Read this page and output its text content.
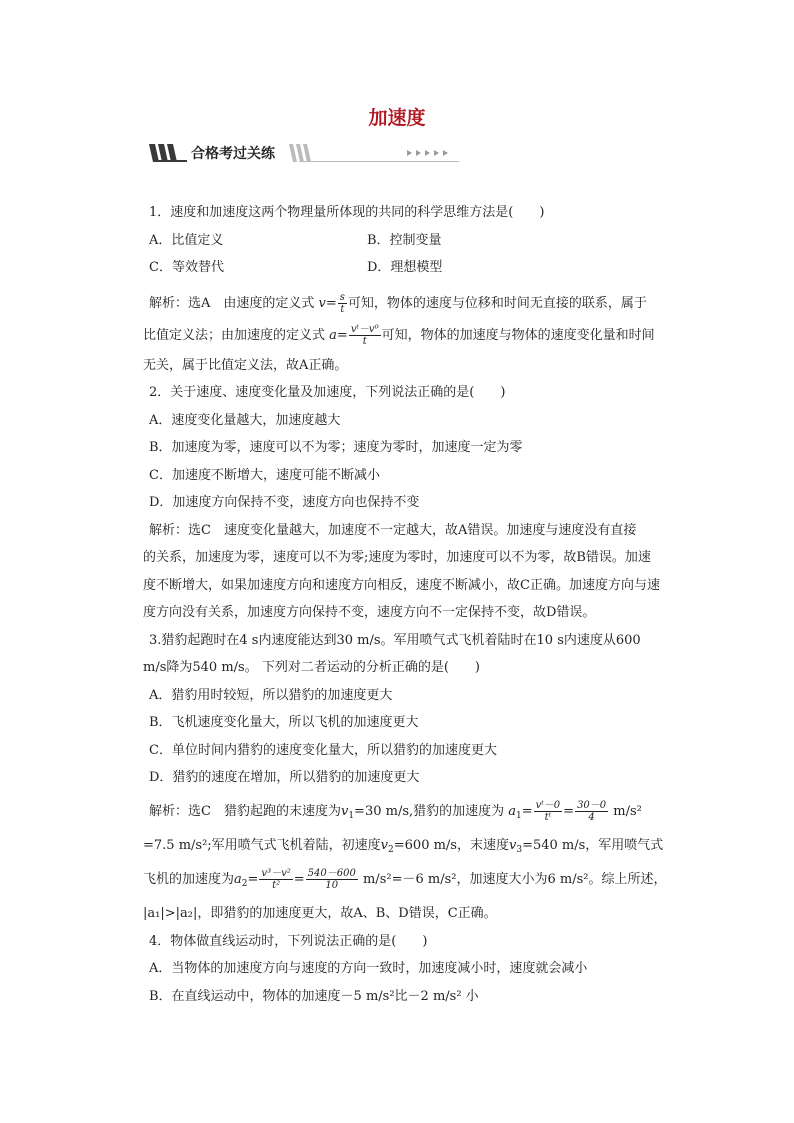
加速度
合格考过关练

1．速度和加速度这两个物理量所体现的共同的科学思维方法是(　　)

A．比值定义	B．控制变量
C．等效替代	D．理想模型

解析：选A　由速度的定义式 $v= \frac{s}{t}$ 可知，物体的速度与位移和时间无直接的联系，属于

比值定义法；由加速度的定义式 $a= \frac{\text{vᵗ－v⁰}}{t}$ 可知，物体的加速度与物体的速度变化量和时间

无关，属于比值定义法，故A正确。

2．关于速度、速度变化量及加速度，下列说法正确的是(　　)

A．速度变化量越大，加速度越大

B．加速度为零，速度可以不为零；速度为零时，加速度一定为零

C．加速度不断增大，速度可能不断减小

D．加速度方向保持不变，速度方向也保持不变

解析：选C　速度变化量越大，加速度不一定越大，故A错误。加速度与速度没有直接

的关系，加速度为零，速度可以不为零;速度为零时，加速度可以不为零，故B错误。加速

度不断增大，如果加速度方向和速度方向相反，速度不断减小，故C正确。加速度方向与速

度方向没有关系，加速度方向保持不变，速度方向不一定保持不变，故D错误。

3.猎豹起跑时在4 s内速度能达到30 m/s。军用喷气式飞机着陆时在10 s内速度从600

m/s降为540 m/s。 下列对二者运动的分析正确的是(　　)

A．猎豹用时较短，所以猎豹的加速度更大

B．飞机速度变化量大，所以飞机的加速度更大

C．单位时间内猎豹的速度变化量大，所以猎豹的加速度更大

D．猎豹的速度在增加，所以猎豹的加速度更大

解析：选C　猎豹起跑的末速度为$v_1=30$ m/s,猎豹的加速度为 $a_1= \frac{\text{vᵗ－0}}{\text{tᵗ}} = \frac{30-0}{4} m/s^2$

=7.5 m/s²;军用喷气式飞机着陆，初速度$v_2=600$ m/s，末速度$v_3=540$ m/s，军用喷气式

飞机的加速度为$a_2= \frac{\text{v³－v²}}{\text{t²}} = \frac{540-600}{10} m/s^2=-6$ m/s²，加速度大小为6 m/s²。综上所述，

|a₁|>|a₂|，即猎豹的加速度更大，故A、B、D错误，C正确。

4．物体做直线运动时，下列说法正确的是(　　)

A．当物体的加速度方向与速度的方向一致时，加速度减小时，速度就会减小

B．在直线运动中，物体的加速度－5 m/s²比－2 m/s² 小
